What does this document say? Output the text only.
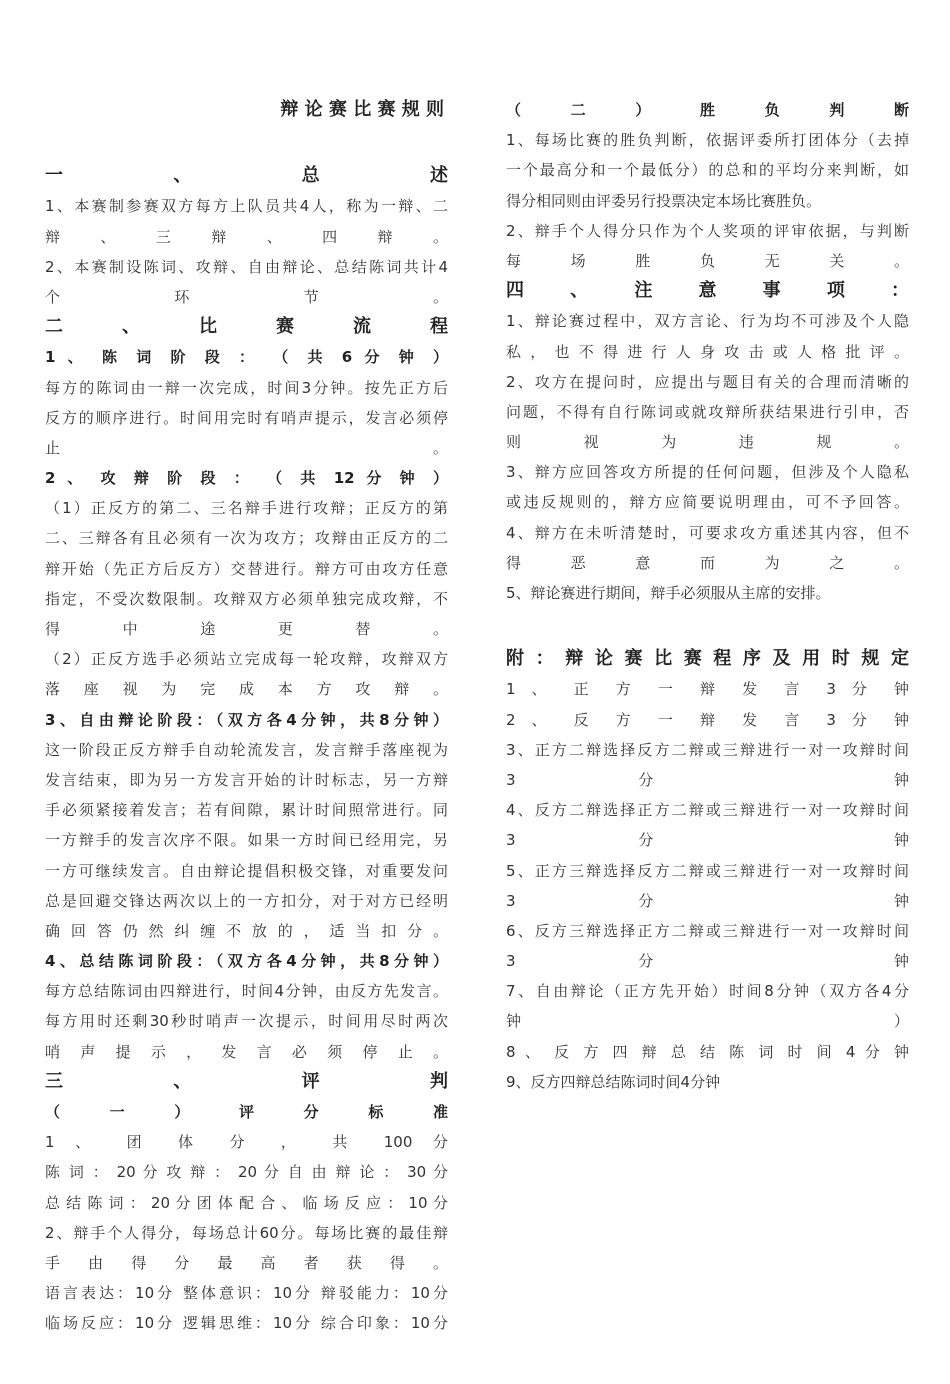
辩 论 赛 比 赛 规 则
一 、 总 述
1、本赛制参赛双方每方上队员共4人，称为一辩、二
辩 、 三 辩 、 四 辩 。
2、本赛制设陈词、攻辩、自由辩论、总结陈词共计4
个 环 节 。
二 、 比 赛 流 程
1 、 陈 词 阶 段 ： （ 共 6 分 钟 ）
每方的陈词由一辩一次完成，时间3分钟。按先正方后
反方的顺序进行。时间用完时有哨声提示，发言必须停
止 。
2 、 攻 辩 阶 段 ： （ 共 12 分 钟 ）
（1）正反方的第二、三名辩手进行攻辩；正反方的第
二、三辩各有且必须有一次为攻方；攻辩由正反方的二
辩开始（先正方后反方）交替进行。辩方可由攻方任意
指定，不受次数限制。攻辩双方必须单独完成攻辩，不
得 中 途 更 替 。
（2）正反方选手必须站立完成每一轮攻辩，攻辩双方
落 座 视 为 完 成 本 方 攻 辩 。
3、自由辩论阶段：（双方各4分钟，共8分钟）
这一阶段正反方辩手自动轮流发言，发言辩手落座视为
发言结束，即为另一方发言开始的计时标志，另一方辩
手必须紧接着发言；若有间隙，累计时间照常进行。同
一方辩手的发言次序不限。如果一方时间已经用完，另
一方可继续发言。自由辩论提倡积极交锋，对重要发问
总是回避交锋达两次以上的一方扣分，对于对方已经明
确 回 答 仍 然 纠 缠 不 放 的 ， 适 当 扣 分 。
4、总结陈词阶段：（双方各4分钟，共8分钟）
每方总结陈词由四辩进行，时间4分钟，由反方先发言。
每方用时还剩30秒时哨声一次提示，时间用尽时两次
哨 声 提 示 ， 发 言 必 须 停 止 。
三 、 评 判
（ 一 ） 评 分 标 准
1 、 团 体 分 ， 共 100 分
陈 词 ： 20 分 攻 辩 ： 20 分 自 由 辩 论 ： 30 分
总 结 陈 词 ： 20 分 团 体 配 合 、 临 场 反 应 ： 10 分
2、辩手个人得分，每场总计60分。每场比赛的最佳辩
手 由 得 分 最 高 者 获 得 。
语言表达：10分 整体意识：10分 辩驳能力：10分
临场反应：10分 逻辑思维：10分 综合印象：10分
（ 二 ） 胜 负 判 断
1、每场比赛的胜负判断，依据评委所打团体分（去掉
一个最高分和一个最低分）的总和的平均分来判断，如
得分相同则由评委另行投票决定本场比赛胜负。
2、辩手个人得分只作为个人奖项的评审依据，与判断
每 场 胜 负 无 关 。
四 、 注 意 事 项 ：
1、辩论赛过程中，双方言论、行为均不可涉及个人隐
私 ， 也 不 得 进 行 人 身 攻 击 或 人 格 批 评 。
2、攻方在提问时，应提出与题目有关的合理而清晰的
问题，不得有自行陈词或就攻辩所获结果进行引申，否
则 视 为 违 规 。
3、辩方应回答攻方所提的任何问题，但涉及个人隐私
或违反规则的，辩方应简要说明理由，可不予回答。
4、辩方在未听清楚时，可要求攻方重述其内容，但不
得 恶 意 而 为 之 。
5、辩论赛进行期间，辩手必须服从主席的安排。
附 ： 辩 论 赛 比 赛 程 序 及 用 时 规 定
1 、 正 方 一 辩 发 言 3 分 钟
2 、 反 方 一 辩 发 言 3 分 钟
3、正方二辩选择反方二辩或三辩进行一对一攻辩时间
3 分 钟
4、反方二辩选择正方二辩或三辩进行一对一攻辩时间
3 分 钟
5、正方三辩选择反方二辩或三辩进行一对一攻辩时间
3 分 钟
6、反方三辩选择正方二辩或三辩进行一对一攻辩时间
3 分 钟
7、自由辩论（正方先开始）时间8分钟（双方各4分
钟 ）
8 、 反 方 四 辩 总 结 陈 词 时 间 4 分 钟
9、反方四辩总结陈词时间4分钟
